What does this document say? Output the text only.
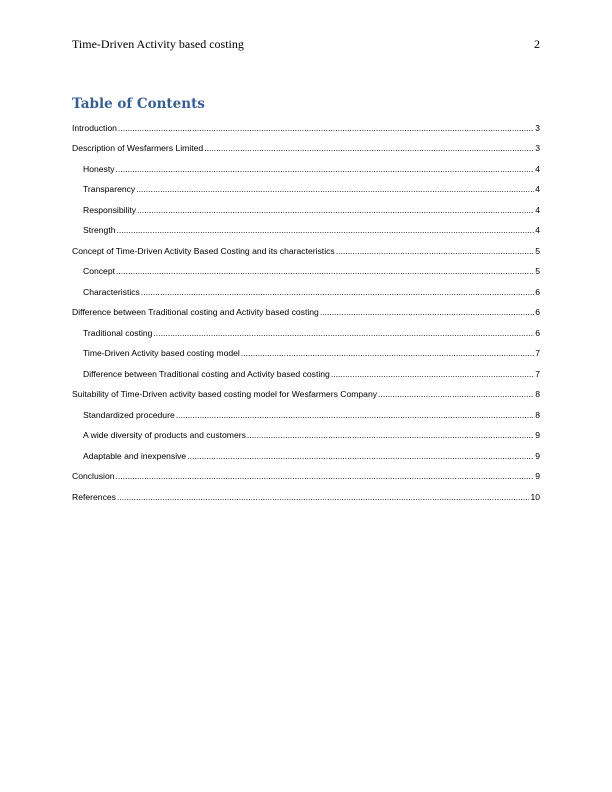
Time-Driven Activity based costing	2
Table of Contents
Introduction .....	3
Description of Wesfarmers Limited .....	3
Honesty .....	4
Transparency .....	4
Responsibility .....	4
Strength .....	4
Concept of Time-Driven Activity Based Costing and its characteristics .....	5
Concept .....	5
Characteristics .....	6
Difference between Traditional costing and Activity based costing .....	6
Traditional costing .....	6
Time-Driven Activity based costing model .....	7
Difference between Traditional costing and Activity based costing .....	7
Suitability of Time-Driven activity based costing model for Wesfarmers Company .....	8
Standardized procedure .....	8
A wide diversity of products and customers .....	9
Adaptable and inexpensive .....	9
Conclusion .....	9
References .....	10
